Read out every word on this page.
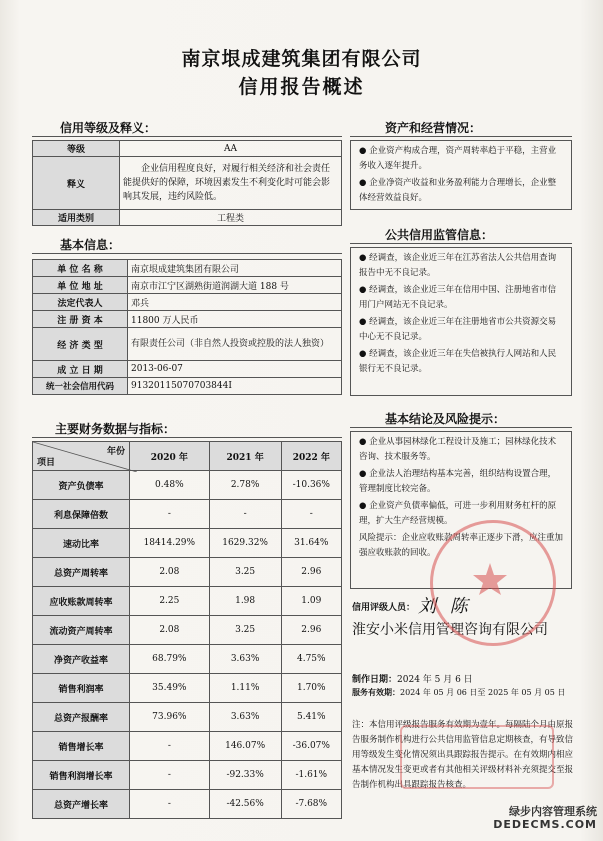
南京垠成建筑集团有限公司
信用报告概述
信用等级及释义：
等级	AA
释义	企业信用程度良好，对履行相关经济和社会责任能提供好的保障，环境因素发生不利变化时可能会影响其发展，违约风险低。
适用类别	工程类
基本信息：
单 位 名 称	南京垠成建筑集团有限公司
单 位 地 址	南京市江宁区湖熟街道润湖大道 188 号
法定代表人	邓兵
注 册 资 本	11800 万人民币
经 济 类 型	有限责任公司（非自然人投资或控股的法人独资）
成 立 日 期	2013-06-07
统一社会信用代码	91320115070703844I
主要财务数据与指标：
年份
项目	2020 年	2021 年	2022 年
资产负债率	0.48%	2.78%	-10.36%
利息保障倍数	-	-	-
速动比率	18414.29%	1629.32%	31.64%
总资产周转率	2.08	3.25	2.96
应收账款周转率	2.25	1.98	1.09
流动资产周转率	2.08	3.25	2.96
净资产收益率	68.79%	3.63%	4.75%
销售利润率	35.49%	1.11%	1.70%
总资产报酬率	73.96%	3.63%	5.41%
销售增长率	-	146.07%	-36.07%
销售利润增长率	-	-92.33%	-1.61%
总资产增长率	-	-42.56%	-7.68%
资产和经营情况：

● 企业资产构成合理，资产周转率趋于平稳，主营业务收入逐年提升。

● 企业净资产收益和业务盈利能力合理增长，企业整体经营效益良好。

公共信用监管信息：

● 经调查，该企业近三年在江苏省法人公共信用查询报告中无不良记录。

● 经调查，该企业近三年在信用中国、注册地省市信用门户网站无不良记录。

● 经调查，该企业近三年在注册地省市公共资源交易中心无不良记录。

● 经调查，该企业近三年在失信被执行人网站和人民银行无不良记录。

基本结论及风险提示：

● 企业从事园林绿化工程设计及施工；园林绿化技术咨询、技术服务等。

● 企业法人治理结构基本完善，组织结构设置合理，管理制度比较完备。

● 企业资产负债率偏低，可进一步利用财务杠杆的原理，扩大生产经营规模。

风险提示：企业应收账款周转率正逐步下滑，应注重加强应收账款的回收。

信用评级人员： 刘 陈
淮安小米信用管理咨询有限公司
制作日期：2024 年 5 月 6 日
服务有效期：2024 年 05 月 06 日至 2025 年 05 月 05 日
注：本信用评级报告服务有效期为壹年。每隔陆个月由原报告服务制作机构进行公共信用监管信息定期核查，有导致信用等级发生变化情况须出具跟踪报告提示。在有效期内相应基本情况发生变更或者有其他相关评级材料补充须提交至报告制作机构出具跟踪报告核查。
绿步内容管理系统
DEDECMS.COM
